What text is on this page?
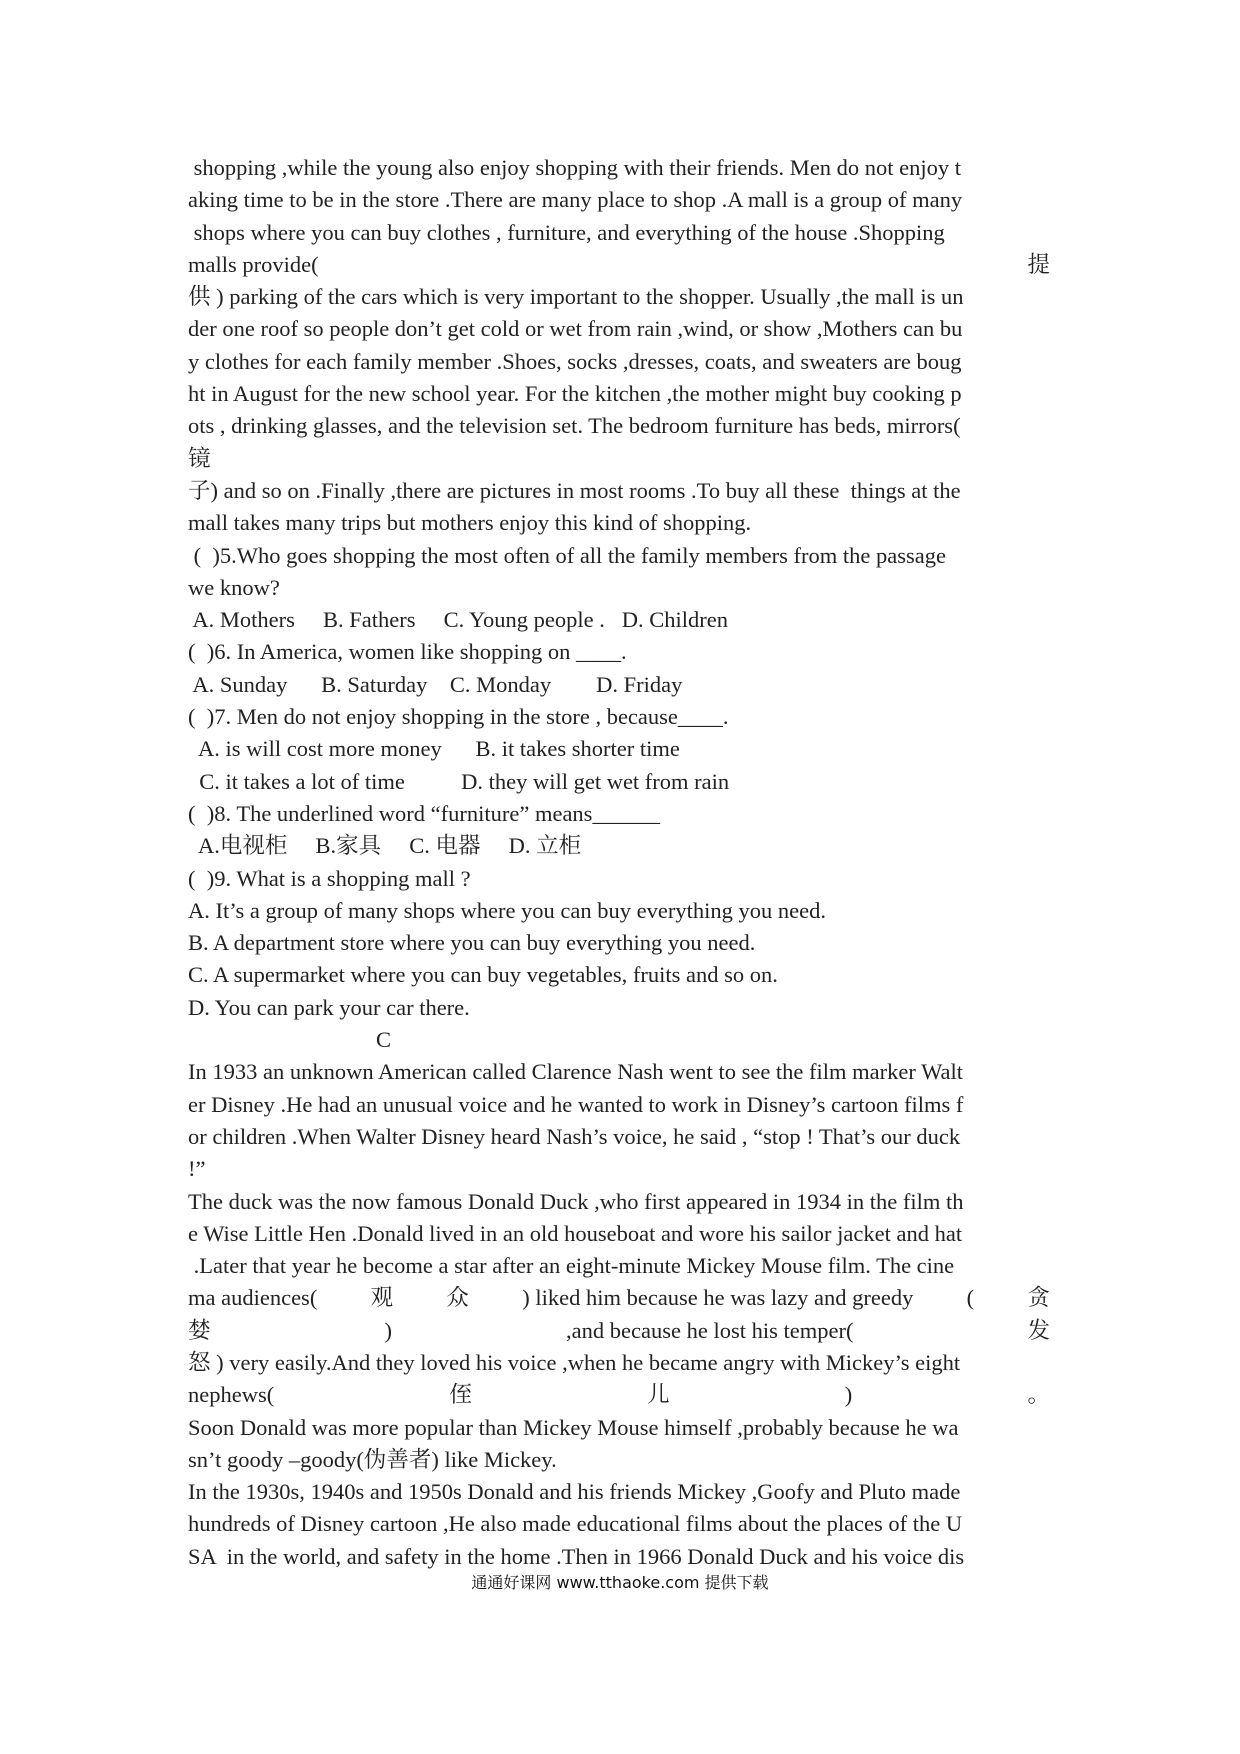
shopping ,while the young also enjoy shopping with their friends. Men do not enjoy t
aking time to be in the store .There are many place to shop .A mall is a group of many
shops where you can buy clothes , furniture, and everything of the house .Shopping
malls provide(	提
供 ) parking of the cars which is very important to the shopper. Usually ,the mall is un
der one roof so people don’t get cold or wet from rain ,wind, or show ,Mothers can bu
y clothes for each family member .Shoes, socks ,dresses, coats, and sweaters are boug
ht in August for the new school year. For the kitchen ,the mother might buy cooking p
ots , drinking glasses, and the television set. The bedroom furniture has beds, mirrors(
镜
子) and so on .Finally ,there are pictures in most rooms .To buy all these  things at the
mall takes many trips but mothers enjoy this kind of shopping.
(  )5.Who goes shopping the most often of all the family members from the passage
we know?
A. Mothers     B. Fathers     C. Young people .   D. Children
(  )6. In America, women like shopping on ____.
A. Sunday      B. Saturday    C. Monday        D. Friday
(  )7. Men do not enjoy shopping in the store , because____.
A. is will cost more money      B. it takes shorter time
C. it takes a lot of time          D. they will get wet from rain
(  )8. The underlined word “furniture” means______
A.电视柜     B.家具     C. 电器     D. 立柜
(  )9. What is a shopping mall ?
A. It’s a group of many shops where you can buy everything you need.
B. A department store where you can buy everything you need.
C. A supermarket where you can buy vegetables, fruits and so on.
D. You can park your car there.
C
In 1933 an unknown American called Clarence Nash went to see the film marker Walt
er Disney .He had an unusual voice and he wanted to work in Disney’s cartoon films f
or children .When Walter Disney heard Nash’s voice, he said , “stop ! That’s our duck
!”
The duck was the now famous Donald Duck ,who first appeared in 1934 in the film th
e Wise Little Hen .Donald lived in an old houseboat and wore his sailor jacket and hat
.Later that year he become a star after an eight-minute Mickey Mouse film. The cine
ma audiences( 观 众 ) liked him because he was lazy and greedy ( 贪
婪	)	,and because he lost his temper(	发
怒 ) very easily.And they loved his voice ,when he became angry with Mickey’s eight
nephews(	侄	儿	)	。
Soon Donald was more popular than Mickey Mouse himself ,probably because he wa
sn’t goody –goody(伪善者) like Mickey.
In the 1930s, 1940s and 1950s Donald and his friends Mickey ,Goofy and Pluto made
hundreds of Disney cartoon ,He also made educational films about the places of the U
SA  in the world, and safety in the home .Then in 1966 Donald Duck and his voice dis
通通好课网 www.tthaoke.com 提供下载
